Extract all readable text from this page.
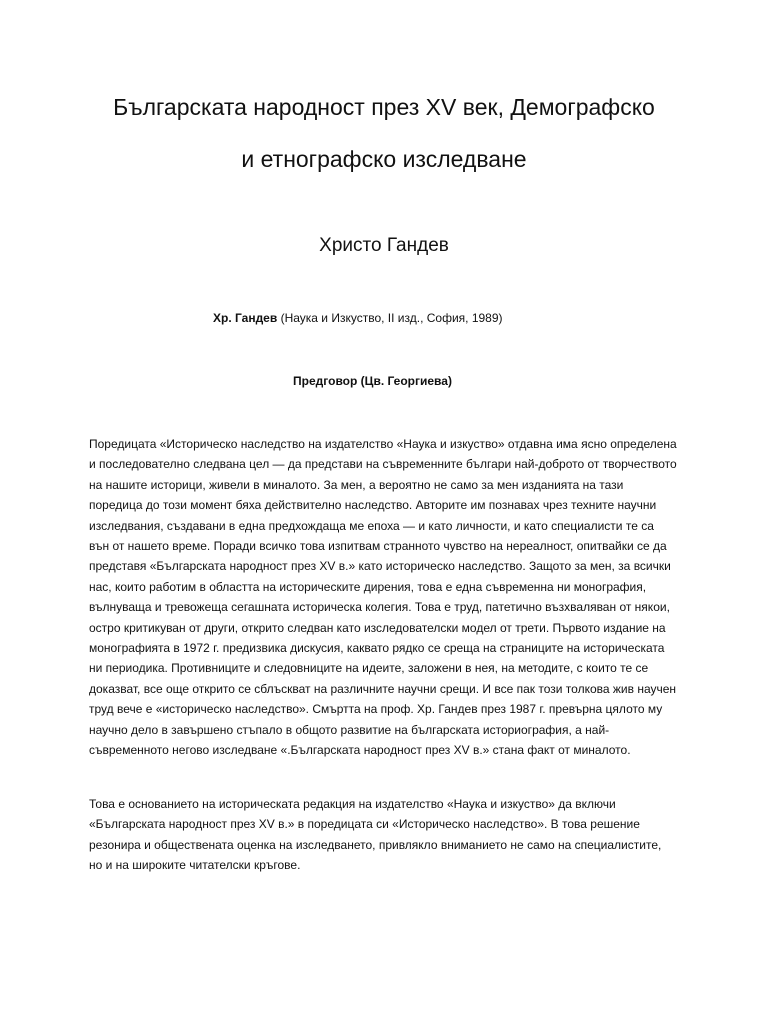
Българската народност през XV век, Демографско
и етнографско изследване

Христо Гандев

Хр. Гандев (Наука и Изкуство, II изд., София, 1989)

Предговор (Цв. Георгиева)

Поредицата «Историческо наследство на издателство «Наука и изкуство» отдавна има ясно определена и последователно следвана цел — да представи на съвременните българи най-доброто от творчеството на нашите историци, живели в миналото. За мен, а вероятно не само за мен изданията на тази поредица до този момент бяха действително наследство. Авторите им познавах чрез техните научни изследвания, създавани в една предхождаща ме епоха — и като личности, и като специалисти те са вън от нашето време. Поради всичко това изпитвам странното чувство на нереалност, опитвайки се да представя «Българската народност през XV в.» като историческо наследство. Защото за мен, за всички нас, които работим в областта на историческите дирения, това е една съвременна ни монография, вълнуваща и тревожеща сегашната историческа колегия. Това е труд, патетично възхваляван от някои, остро критикуван от други, открито следван като изследователски модел от трети. Първото издание на монографията в 1972 г. предизвика дискусия, каквато рядко се среща на страниците на историческата ни периодика. Противниците и следовниците на идеите, заложени в нея, на методите, с които те се доказват, все още открито се сблъскват на различните научни срещи. И все пак този толкова жив научен труд вече е «историческо наследство». Смъртта на проф. Хр. Гандев през 1987 г. превърна цялото му научно дело в завършено стъпало в общото развитие на българската историография, а най-съвременното негово изследване «.Българската народност през XV в.» стана факт от миналото.

Това е основанието на историческата редакция на издателство «Наука и изкуство» да включи «Българската народност през XV в.» в поредицата си «Историческо наследство». В това решение резонира и обществената оценка на изследването, привлякло вниманието не само на специалистите, но и на широките читателски кръгове.
